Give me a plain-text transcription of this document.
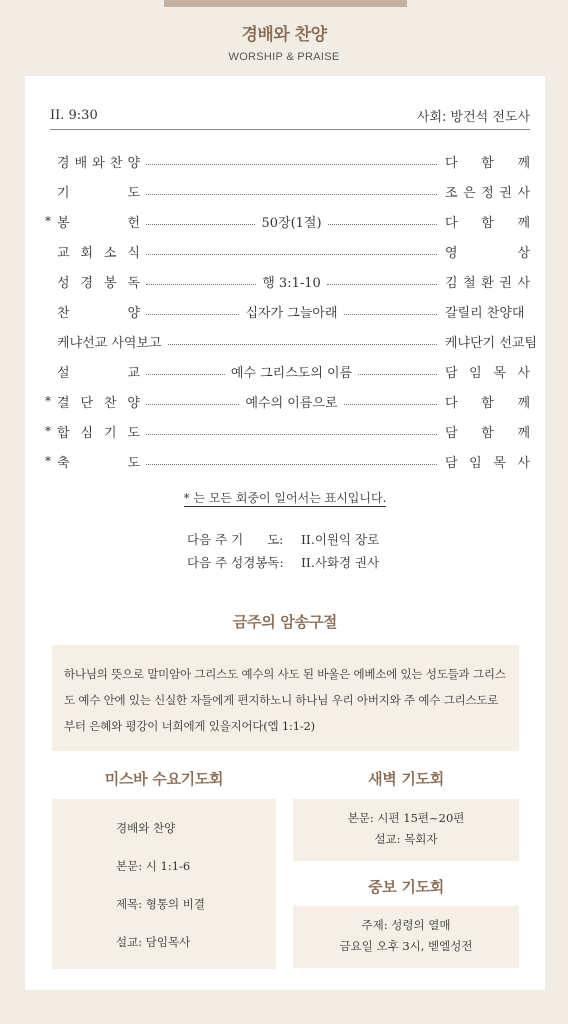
경배와 찬양
WORSHIP & PRAISE
II. 9:30	사회: 방건석 전도사
경 배 와 찬 양	다 함 께
기	도	조 은 정 권 사
* 봉	헌	50장(1절)	다 함 께
교 회 소 식	영	상
성 경 봉 독	행 3:1-10	김 철 환 권 사
찬	양	십자가 그늘아래	갈릴리 찬양대
케냐선교 사역보고	케냐단기 선교팀
설	교	예수 그리스도의 이름	담 임 목 사
* 결 단 찬 양	예수의 이름으로	다 함 께
* 합 심 기 도	담 함 께
* 축	도	담 임 목 사
* 는 모든 회중이 일어서는 표시입니다.
다음 주 기      도: II.이원익 장로
다음 주 성경봉독: II.사화경 권사
금주의 암송구절
하나님의 뜻으로 말미암아 그리스도 예수의 사도 된 바울은 에베소에 있는 성도들과 그리스도 예수 안에 있는 신실한 자들에게 편지하노니 하나님 우리 아버지와 주 예수 그리스도로부터 은혜와 평강이 너희에게 있을지어다(엡 1:1-2)
미스바 수요기도회
경배와 찬양
본문: 시 1:1-6
제목: 형통의 비결
설교: 담임목사
새벽 기도회
본문: 시편 15편~20편
설교: 목회자
중보 기도회
주제: 성령의 열매
금요일 오후 3시, 벧엘성전
